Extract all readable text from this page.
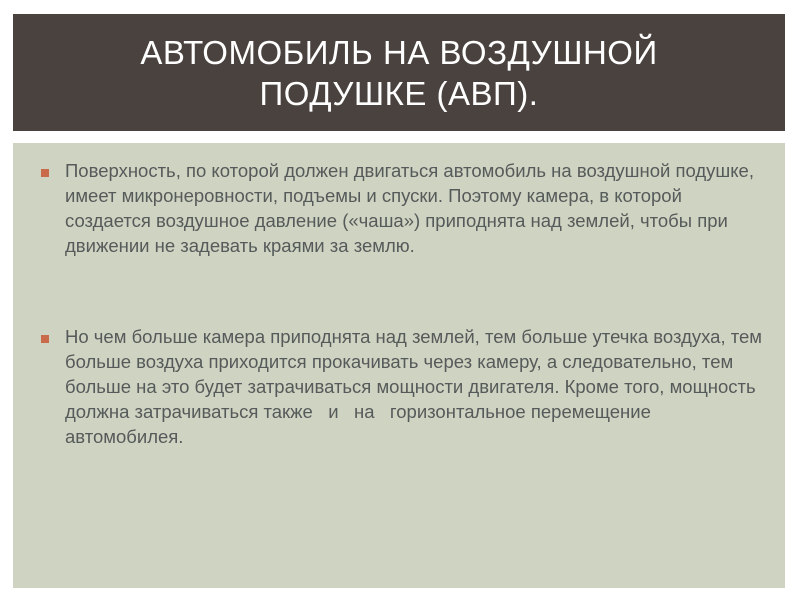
АВТОМОБИЛЬ НА ВОЗДУШНОЙ ПОДУШКЕ (АВП).
Поверхность, по которой должен двигаться автомобиль на воздушной подушке, имеет микронеровности, подъемы и спуски. Поэтому камера, в которой создается воздушное давление («чаша») приподнята над землей, чтобы при движении не задевать краями за землю.
Но чем больше камера приподнята над землей, тем больше утечка воздуха, тем больше воздуха приходится прокачивать через камеру, а следовательно, тем больше на это будет затрачиваться мощности двигателя. Кроме того, мощность должна затрачиваться также   и   на   горизонтальное перемещение автомобилея.
